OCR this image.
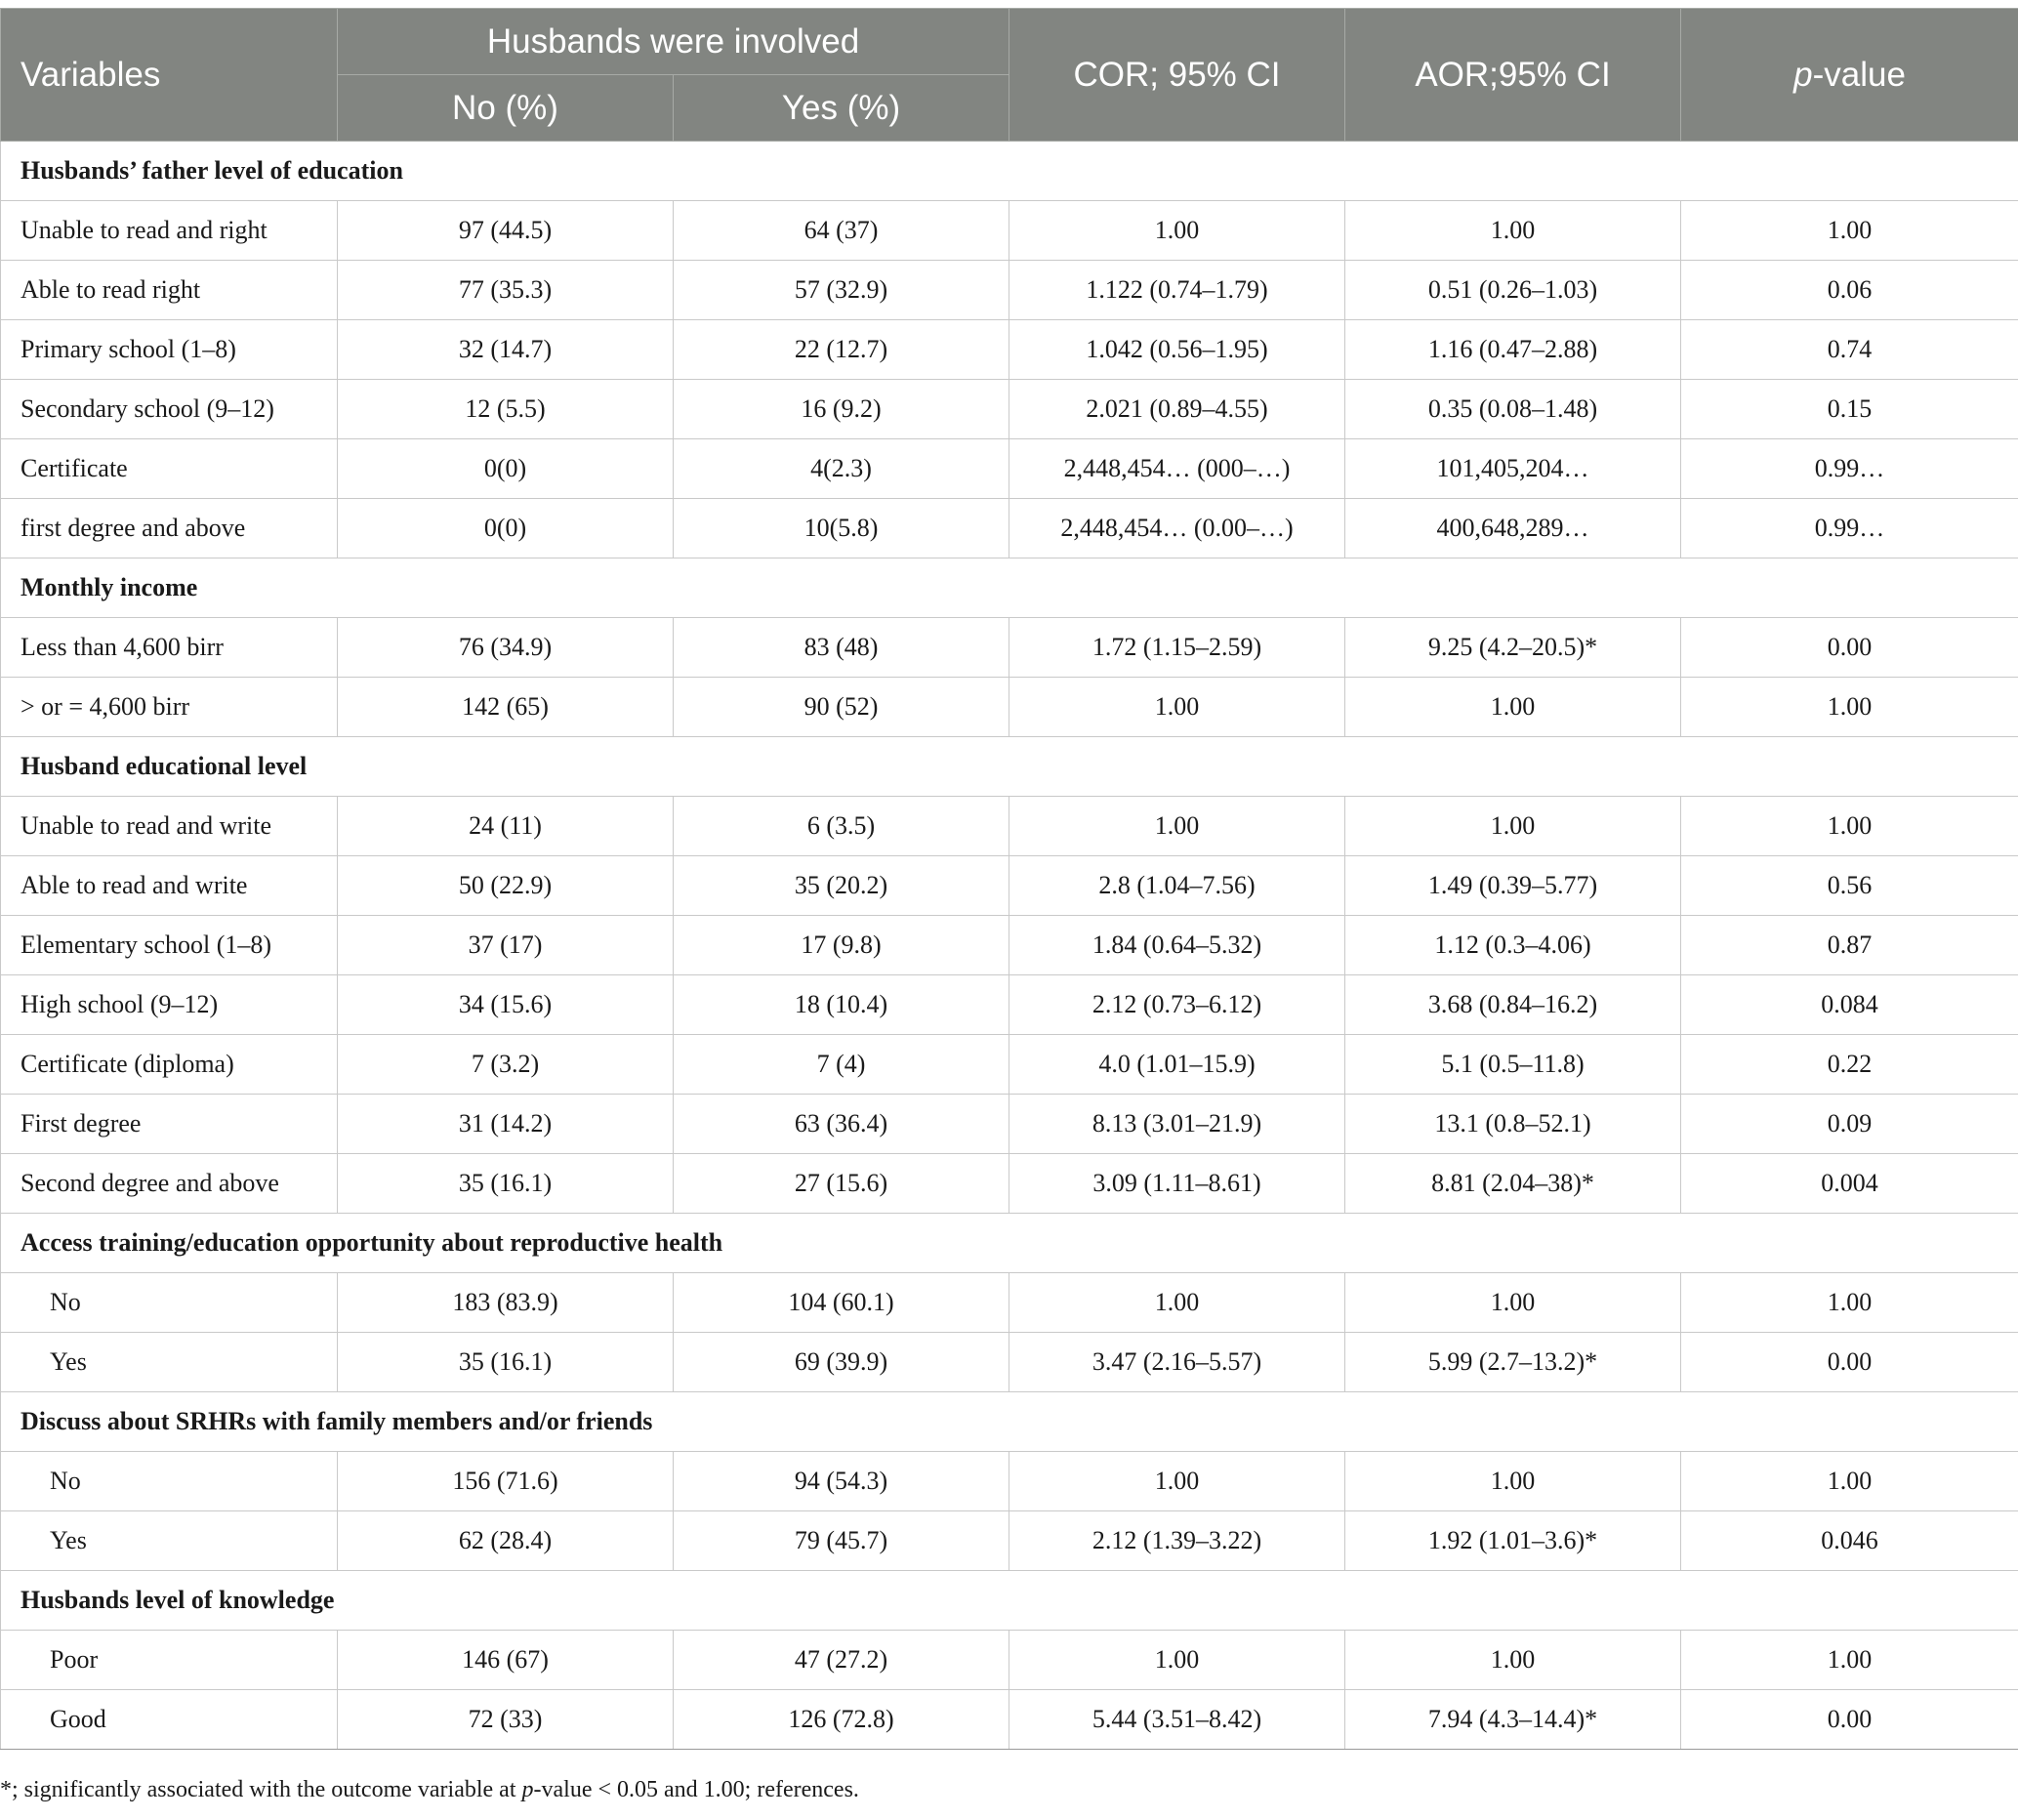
Variables	Husbands were involved		COR; 95% CI	AOR;95% CI	p-value
	No (%)	Yes (%)			
Husbands’ father level of education					
Unable to read and right	97 (44.5)	64 (37)	1.00	1.00	1.00
Able to read right	77 (35.3)	57 (32.9)	1.122 (0.74–1.79)	0.51 (0.26–1.03)	0.06
Primary school (1–8)	32 (14.7)	22 (12.7)	1.042 (0.56–1.95)	1.16 (0.47–2.88)	0.74
Secondary school (9–12)	12 (5.5)	16 (9.2)	2.021 (0.89–4.55)	0.35 (0.08–1.48)	0.15
Certificate	0(0)	4(2.3)	2,448,454… (000–…)	101,405,204…	0.99…
first degree and above	0(0)	10(5.8)	2,448,454… (0.00–…)	400,648,289…	0.99…
Monthly income					
Less than 4,600 birr	76 (34.9)	83 (48)	1.72 (1.15–2.59)	9.25 (4.2–20.5)*	0.00
> or = 4,600 birr	142 (65)	90 (52)	1.00	1.00	1.00
Husband educational level					
Unable to read and write	24 (11)	6 (3.5)	1.00	1.00	1.00
Able to read and write	50 (22.9)	35 (20.2)	2.8 (1.04–7.56)	1.49 (0.39–5.77)	0.56
Elementary school (1–8)	37 (17)	17 (9.8)	1.84 (0.64–5.32)	1.12 (0.3–4.06)	0.87
High school (9–12)	34 (15.6)	18 (10.4)	2.12 (0.73–6.12)	3.68 (0.84–16.2)	0.084
Certificate (diploma)	7 (3.2)	7 (4)	4.0 (1.01–15.9)	5.1 (0.5–11.8)	0.22
First degree	31 (14.2)	63 (36.4)	8.13 (3.01–21.9)	13.1 (0.8–52.1)	0.09
Second degree and above	35 (16.1)	27 (15.6)	3.09 (1.11–8.61)	8.81 (2.04–38)*	0.004
Access training/education opportunity about reproductive health					
No	183 (83.9)	104 (60.1)	1.00	1.00	1.00
Yes	35 (16.1)	69 (39.9)	3.47 (2.16–5.57)	5.99 (2.7–13.2)*	0.00
Discuss about SRHRs with family members and/or friends					
No	156 (71.6)	94 (54.3)	1.00	1.00	1.00
Yes	62 (28.4)	79 (45.7)	2.12 (1.39–3.22)	1.92 (1.01–3.6)*	0.046
Husbands level of knowledge					
Poor	146 (67)	47 (27.2)	1.00	1.00	1.00
Good	72 (33)	126 (72.8)	5.44 (3.51–8.42)	7.94 (4.3–14.4)*	0.00
*; significantly associated with the outcome variable at p-value < 0.05 and 1.00; references.
